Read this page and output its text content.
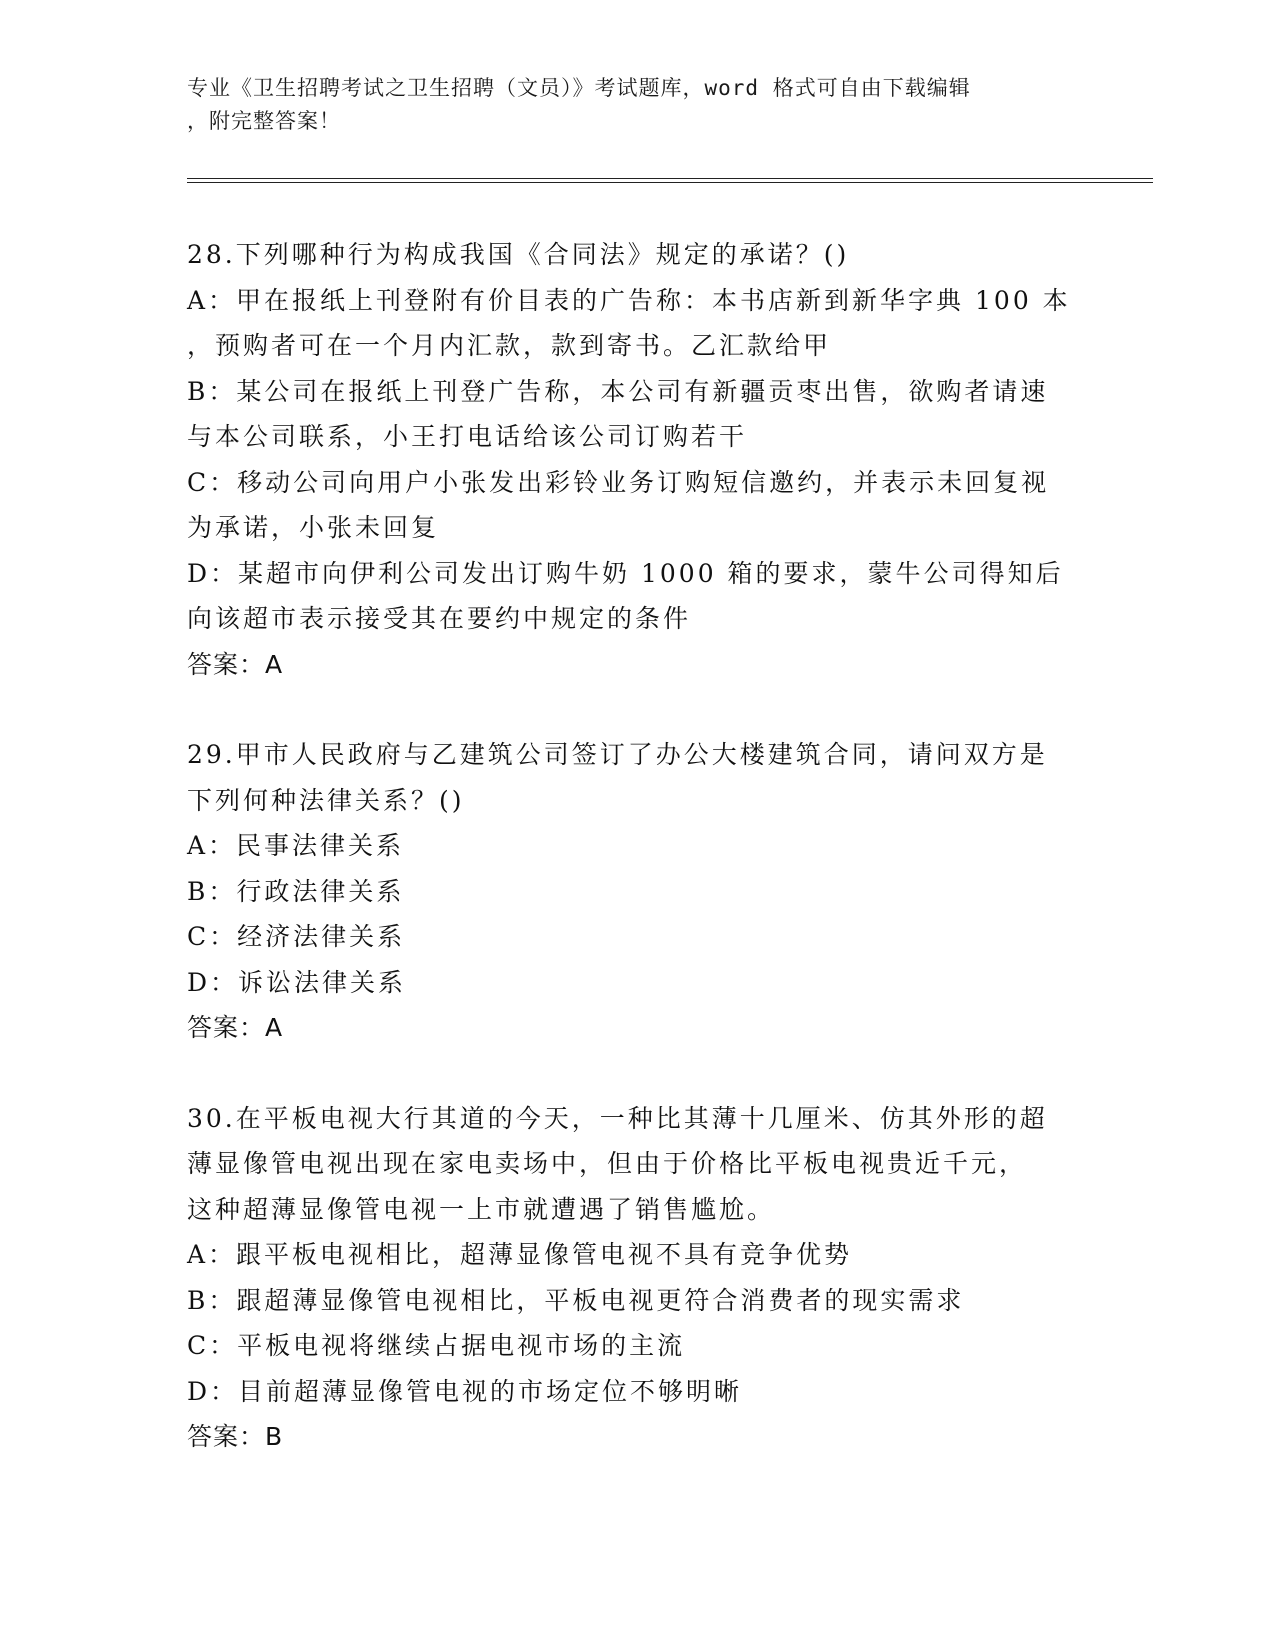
专业《卫生招聘考试之卫生招聘（文员）》考试题库，word 格式可自由下载编辑
，附完整答案！
28.下列哪种行为构成我国《合同法》规定的承诺？()
A：甲在报纸上刊登附有价目表的广告称：本书店新到新华字典 100 本
，预购者可在一个月内汇款，款到寄书。乙汇款给甲
B：某公司在报纸上刊登广告称，本公司有新疆贡枣出售，欲购者请速
与本公司联系，小王打电话给该公司订购若干
C：移动公司向用户小张发出彩铃业务订购短信邀约，并表示未回复视
为承诺，小张未回复
D：某超市向伊利公司发出订购牛奶 1000 箱的要求，蒙牛公司得知后
向该超市表示接受其在要约中规定的条件
答案：A
29.甲市人民政府与乙建筑公司签订了办公大楼建筑合同，请问双方是
下列何种法律关系？()
A：民事法律关系
B：行政法律关系
C：经济法律关系
D：诉讼法律关系
答案：A
30.在平板电视大行其道的今天，一种比其薄十几厘米、仿其外形的超
薄显像管电视出现在家电卖场中，但由于价格比平板电视贵近千元，
这种超薄显像管电视一上市就遭遇了销售尴尬。
A：跟平板电视相比，超薄显像管电视不具有竞争优势
B：跟超薄显像管电视相比，平板电视更符合消费者的现实需求
C：平板电视将继续占据电视市场的主流
D：目前超薄显像管电视的市场定位不够明晰
答案：B
